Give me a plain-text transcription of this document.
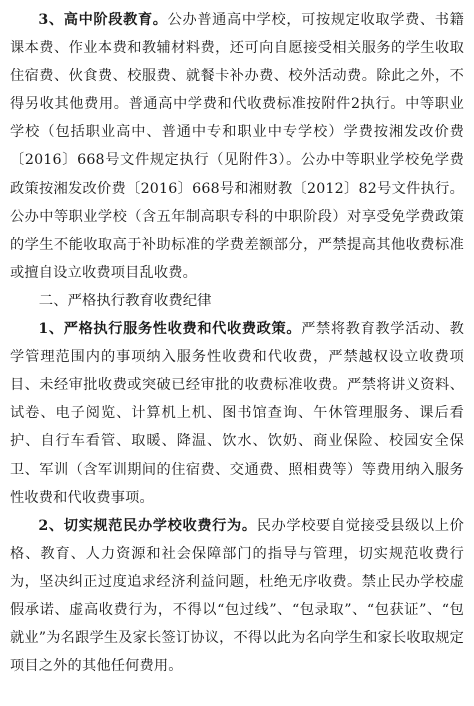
3、高中阶段教育。公办普通高中学校，可按规定收取学费、书籍课本费、作业本费和教辅材料费，还可向自愿接受相关服务的学生收取住宿费、伙食费、校服费、就餐卡补办费、校外活动费。除此之外，不得另收其他费用。普通高中学费和代收费标准按附件2执行。中等职业学校（包括职业高中、普通中专和职业中专学校）学费按湘发改价费〔2016〕668号文件规定执行（见附件3）。公办中等职业学校免学费政策按湘发改价费〔2016〕668号和湘财教〔2012〕82号文件执行。公办中等职业学校（含五年制高职专科的中职阶段）对享受免学费政策的学生不能收取高于补助标准的学费差额部分，严禁提高其他收费标准或擅自设立收费项目乱收费。

二、严格执行教育收费纪律

1、严格执行服务性收费和代收费政策。严禁将教育教学活动、教学管理范围内的事项纳入服务性收费和代收费，严禁越权设立收费项目、未经审批收费或突破已经审批的收费标准收费。严禁将讲义资料、试卷、电子阅览、计算机上机、图书馆查询、午休管理服务、课后看护、自行车看管、取暖、降温、饮水、饮奶、商业保险、校园安全保卫、军训（含军训期间的住宿费、交通费、照相费等）等费用纳入服务性收费和代收费事项。

2、切实规范民办学校收费行为。民办学校要自觉接受县级以上价格、教育、人力资源和社会保障部门的指导与管理，切实规范收费行为，坚决纠正过度追求经济利益问题，杜绝无序收费。禁止民办学校虚假承诺、虚高收费行为，不得以“包过线”、“包录取”、“包获证”、“包就业”为名跟学生及家长签订协议，不得以此为名向学生和家长收取规定项目之外的其他任何费用。
